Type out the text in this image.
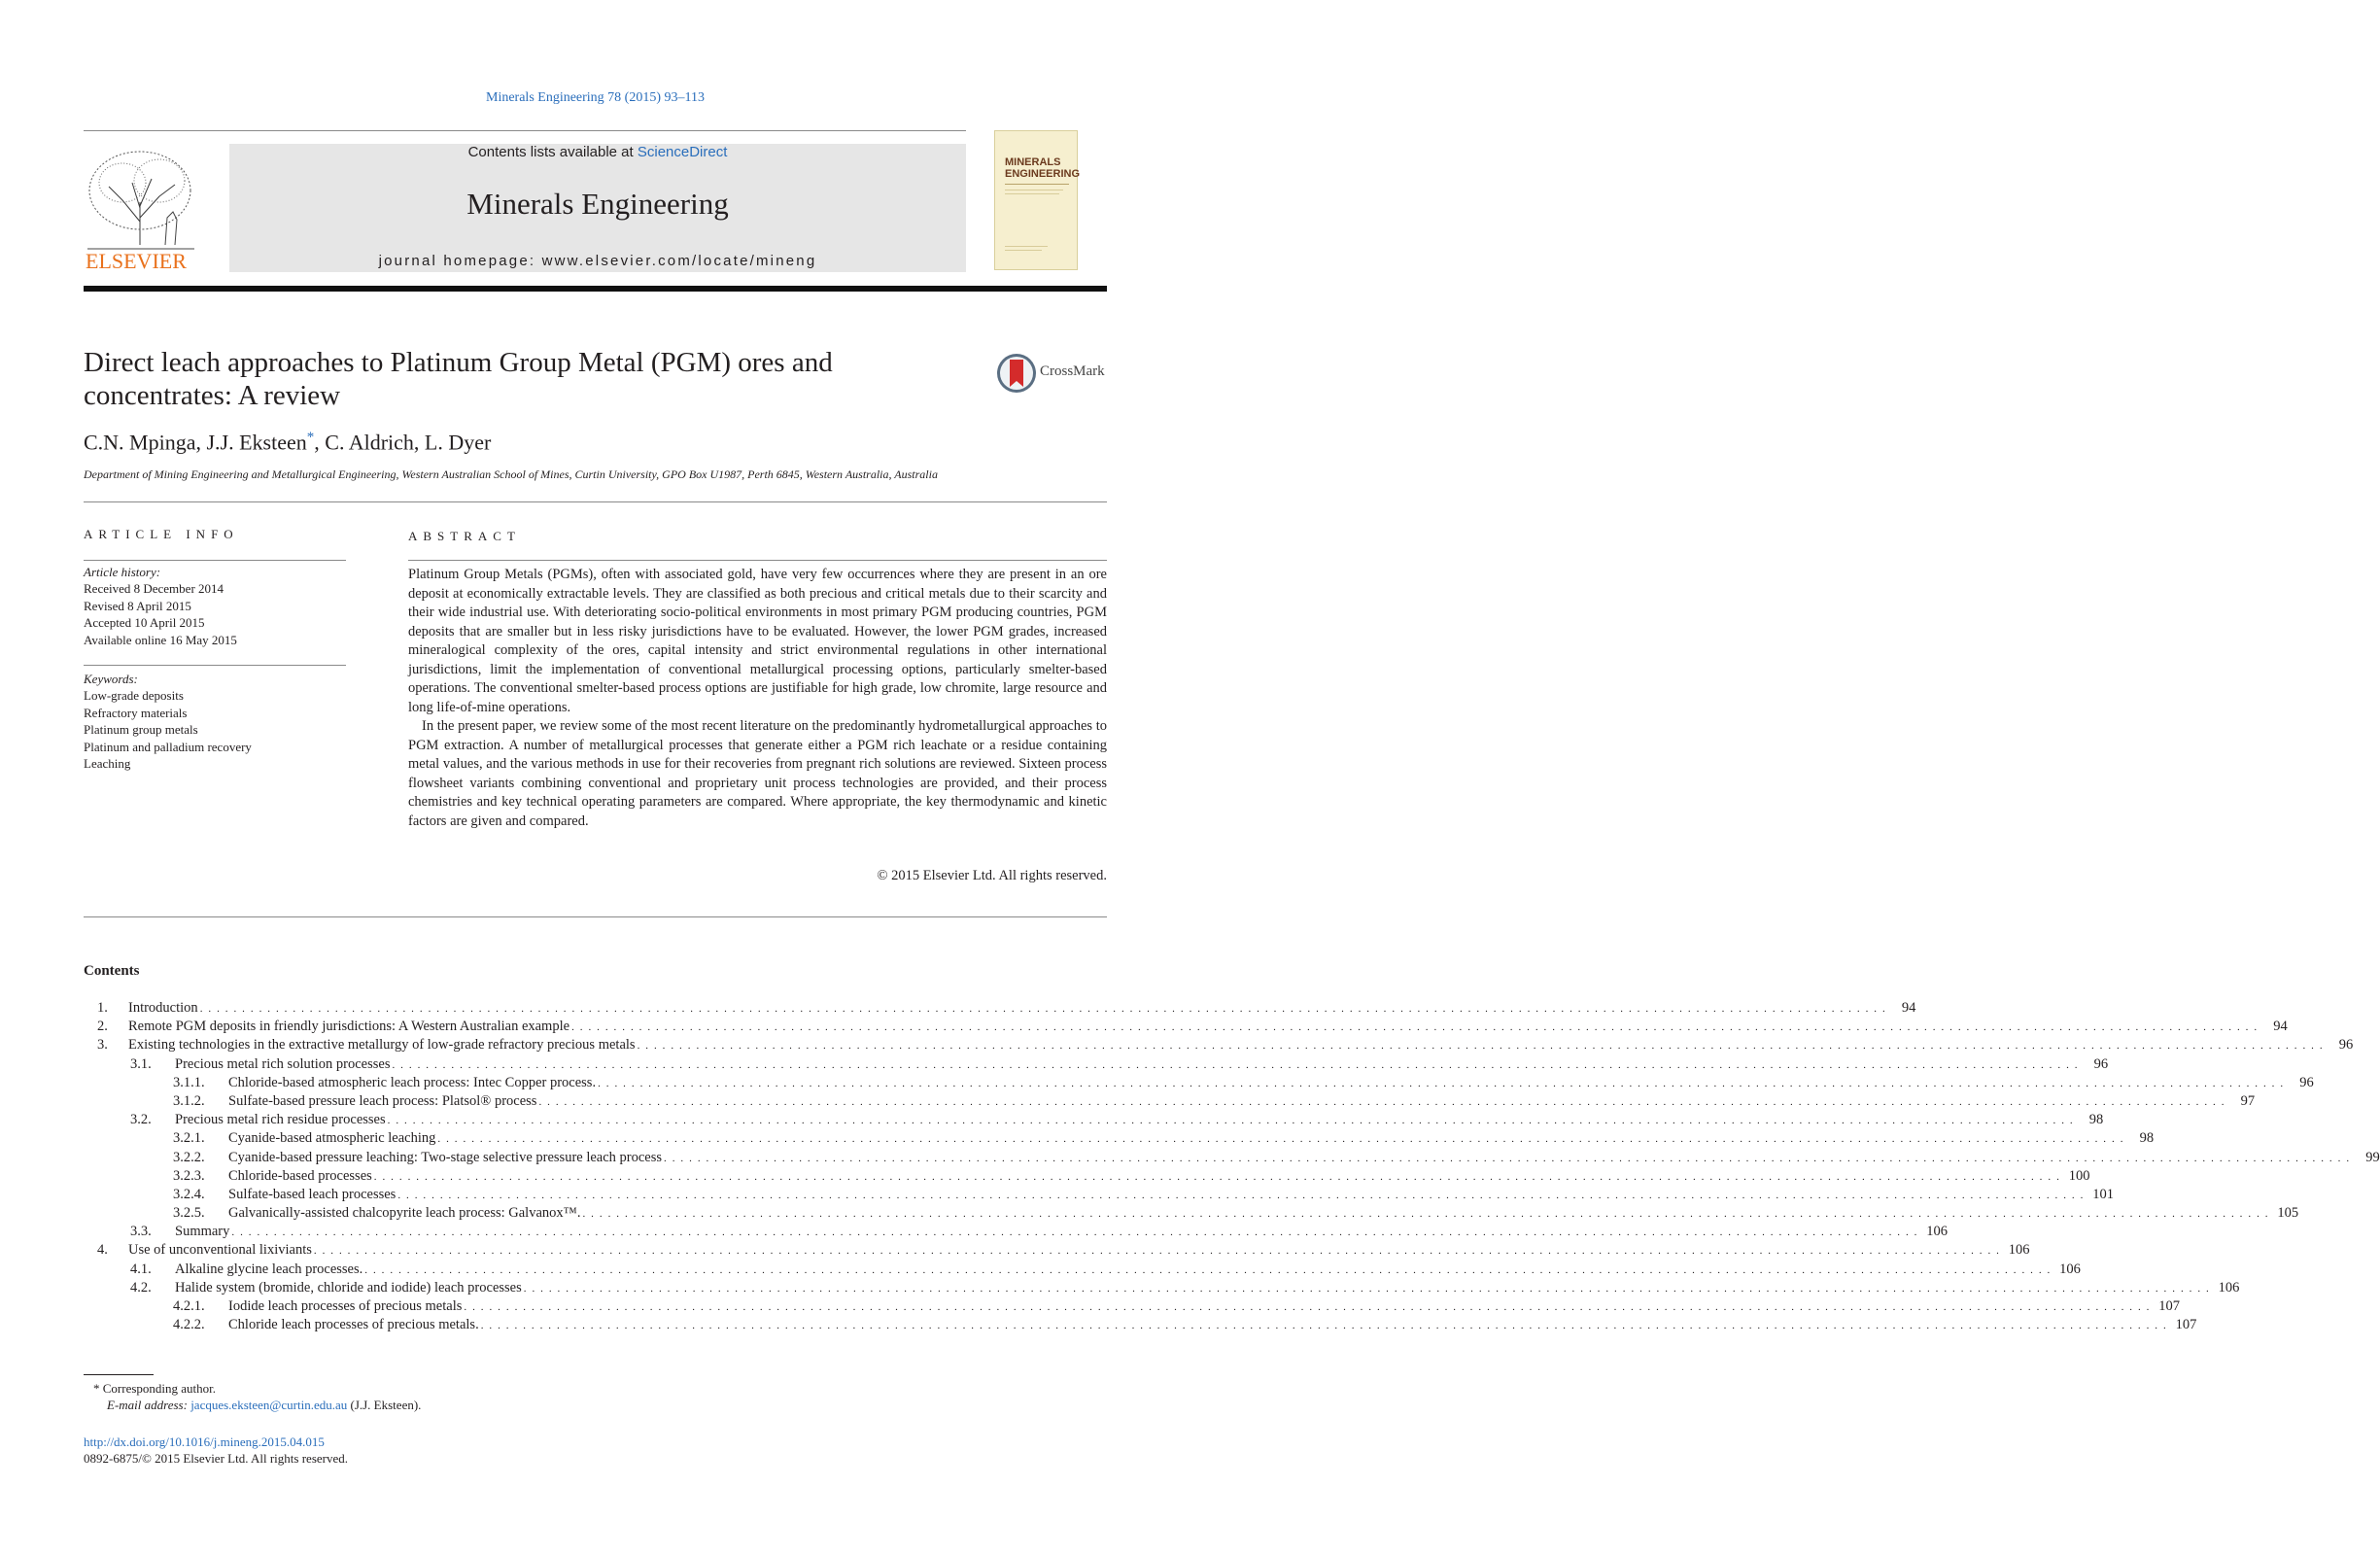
Minerals Engineering 78 (2015) 93–113
ELSEVIER
Contents lists available at ScienceDirect
Minerals Engineering
journal homepage: www.elsevier.com/locate/mineng
MINERALS ENGINEERING
Direct leach approaches to Platinum Group Metal (PGM) ores and concentrates: A review
CrossMark
C.N. Mpinga, J.J. Eksteen*, C. Aldrich, L. Dyer
Department of Mining Engineering and Metallurgical Engineering, Western Australian School of Mines, Curtin University, GPO Box U1987, Perth 6845, Western Australia, Australia
ARTICLE INFO
Article history:
Received 8 December 2014
Revised 8 April 2015
Accepted 10 April 2015
Available online 16 May 2015
Keywords:
Low-grade deposits
Refractory materials
Platinum group metals
Platinum and palladium recovery
Leaching
ABSTRACT

Platinum Group Metals (PGMs), often with associated gold, have very few occurrences where they are present in an ore deposit at economically extractable levels. They are classified as both precious and critical metals due to their scarcity and their wide industrial use. With deteriorating socio-political environments in most primary PGM producing countries, PGM deposits that are smaller but in less risky jurisdictions have to be evaluated. However, the lower PGM grades, increased mineralogical complexity of the ores, capital intensity and strict environmental regulations in other international jurisdictions, limit the implementation of conventional metallurgical processing options, particularly smelter-based operations. The conventional smelter-based process options are justifiable for high grade, low chromite, large resource and long life-of-mine operations.

In the present paper, we review some of the most recent literature on the predominantly hydrometallurgical approaches to PGM extraction. A number of metallurgical processes that generate either a PGM rich leachate or a residue containing metal values, and the various methods in use for their recoveries from pregnant rich solutions are reviewed. Sixteen process flowsheet variants combining conventional and proprietary unit process technologies are provided, and their process chemistries and key technical operating parameters are compared. Where appropriate, the key thermodynamic and kinetic factors are given and compared.

© 2015 Elsevier Ltd. All rights reserved.
Contents
1.	Introduction . . . . . . . . . . . . . . . . . . . . . . . . . . . . . . . . . . . . . . . . . . . . . . . . . . . . . . . . . . . . . . . . . . . . . . . . . . . . . . . . . . . . . . . . . . . . . . . . . . . . . . . . . . . . . . . . . . . . . . . . . . . . . . . . . . . . . . . . . . . . . . . . . . . . . . . . . . . . . . . . . . . . . . . . . . . . . . . . . . . . . . . . . . . . . . . . . . . . . . . .	94
2.	Remote PGM deposits in friendly jurisdictions: A Western Australian example . . . . . . . . . . . . . . . . . . . . . . . . . . . . . . . . . . . . . . . . . . . . . . . . . . . . . . . . . . . . . . . . . . . . . . . . . . . . . . . . . . . . . . . . . . . . . . . . . . . . . . . . . . . . . . . . . . . . . . . . . . . . . . . . . . . . . . . . . . . . . . . . . . . . . . . . . . . . . . . . . . . . . . . . . . . . . . . . . . . . . . . . . . . . . . . . . . . . . . . .	94
3.	Existing technologies in the extractive metallurgy of low-grade refractory precious metals . . . . . . . . . . . . . . . . . . . . . . . . . . . . . . . . . . . . . . . . . . . . . . . . . . . . . . . . . . . . . . . . . . . . . . . . . . . . . . . . . . . . . . . . . . . . . . . . . . . . . . . . . . . . . . . . . . . . . . . . . . . . . . . . . . . . . . . . . . . . . . . . . . . . . . . . . . . . . . . . . . . . . . . . . . . . . . . . . . . . . . . . . . . . . . . . . . . . . . . .	96
3.1.	Precious metal rich solution processes . . . . . . . . . . . . . . . . . . . . . . . . . . . . . . . . . . . . . . . . . . . . . . . . . . . . . . . . . . . . . . . . . . . . . . . . . . . . . . . . . . . . . . . . . . . . . . . . . . . . . . . . . . . . . . . . . . . . . . . . . . . . . . . . . . . . . . . . . . . . . . . . . . . . . . . . . . . . . . . . . . . . . . . . . . . . . . . . . . . . . . . . . . . . . . . . . . . . . . . .	96
3.1.1.	Chloride-based atmospheric leach process: Intec Copper process. . . . . . . . . . . . . . . . . . . . . . . . . . . . . . . . . . . . . . . . . . . . . . . . . . . . . . . . . . . . . . . . . . . . . . . . . . . . . . . . . . . . . . . . . . . . . . . . . . . . . . . . . . . . . . . . . . . . . . . . . . . . . . . . . . . . . . . . . . . . . . . . . . . . . . . . . . . . . . . . . . . . . . . . . . . . . . . . . . . . . . . . . . . . . . . . . . . . . . . . .	96
3.1.2.	Sulfate-based pressure leach process: Platsol® process . . . . . . . . . . . . . . . . . . . . . . . . . . . . . . . . . . . . . . . . . . . . . . . . . . . . . . . . . . . . . . . . . . . . . . . . . . . . . . . . . . . . . . . . . . . . . . . . . . . . . . . . . . . . . . . . . . . . . . . . . . . . . . . . . . . . . . . . . . . . . . . . . . . . . . . . . . . . . . . . . . . . . . . . . . . . . . . . . . . . . . . . . . . . . . . . . . . . . . . .	97
3.2.	Precious metal rich residue processes . . . . . . . . . . . . . . . . . . . . . . . . . . . . . . . . . . . . . . . . . . . . . . . . . . . . . . . . . . . . . . . . . . . . . . . . . . . . . . . . . . . . . . . . . . . . . . . . . . . . . . . . . . . . . . . . . . . . . . . . . . . . . . . . . . . . . . . . . . . . . . . . . . . . . . . . . . . . . . . . . . . . . . . . . . . . . . . . . . . . . . . . . . . . . . . . . . . . . . . .	98
3.2.1.	Cyanide-based atmospheric leaching . . . . . . . . . . . . . . . . . . . . . . . . . . . . . . . . . . . . . . . . . . . . . . . . . . . . . . . . . . . . . . . . . . . . . . . . . . . . . . . . . . . . . . . . . . . . . . . . . . . . . . . . . . . . . . . . . . . . . . . . . . . . . . . . . . . . . . . . . . . . . . . . . . . . . . . . . . . . . . . . . . . . . . . . . . . . . . . . . . . . . . . . . . . . . . . . . . . . . . . .	98
3.2.2.	Cyanide-based pressure leaching: Two-stage selective pressure leach process . . . . . . . . . . . . . . . . . . . . . . . . . . . . . . . . . . . . . . . . . . . . . . . . . . . . . . . . . . . . . . . . . . . . . . . . . . . . . . . . . . . . . . . . . . . . . . . . . . . . . . . . . . . . . . . . . . . . . . . . . . . . . . . . . . . . . . . . . . . . . . . . . . . . . . . . . . . . . . . . . . . . . . . . . . . . . . . . . . . . . . . . . . . . . . . . . . . . . . . .	99
3.2.3.	Chloride-based processes . . . . . . . . . . . . . . . . . . . . . . . . . . . . . . . . . . . . . . . . . . . . . . . . . . . . . . . . . . . . . . . . . . . . . . . . . . . . . . . . . . . . . . . . . . . . . . . . . . . . . . . . . . . . . . . . . . . . . . . . . . . . . . . . . . . . . . . . . . . . . . . . . . . . . . . . . . . . . . . . . . . . . . . . . . . . . . . . . . . . . . . . . . . . . . . . . . . . . . . . 100
3.2.4.	Sulfate-based leach processes . . . . . . . . . . . . . . . . . . . . . . . . . . . . . . . . . . . . . . . . . . . . . . . . . . . . . . . . . . . . . . . . . . . . . . . . . . . . . . . . . . . . . . . . . . . . . . . . . . . . . . . . . . . . . . . . . . . . . . . . . . . . . . . . . . . . . . . . . . . . . . . . . . . . . . . . . . . . . . . . . . . . . . . . . . . . . . . . . . . . . . . . . . . . . . . . . . . . . . . . 101
3.2.5.	Galvanically-assisted chalcopyrite leach process: Galvanox™. . . . . . . . . . . . . . . . . . . . . . . . . . . . . . . . . . . . . . . . . . . . . . . . . . . . . . . . . . . . . . . . . . . . . . . . . . . . . . . . . . . . . . . . . . . . . . . . . . . . . . . . . . . . . . . . . . . . . . . . . . . . . . . . . . . . . . . . . . . . . . . . . . . . . . . . . . . . . . . . . . . . . . . . . . . . . . . . . . . . . . . . . . . . . . . . . . . . . . . . . 105
3.3.	Summary . . . . . . . . . . . . . . . . . . . . . . . . . . . . . . . . . . . . . . . . . . . . . . . . . . . . . . . . . . . . . . . . . . . . . . . . . . . . . . . . . . . . . . . . . . . . . . . . . . . . . . . . . . . . . . . . . . . . . . . . . . . . . . . . . . . . . . . . . . . . . . . . . . . . . . . . . . . . . . . . . . . . . . . . . . . . . . . . . . . . . . . . . . . . . . . . . . . . . . . . 106
4.	Use of unconventional lixiviants . . . . . . . . . . . . . . . . . . . . . . . . . . . . . . . . . . . . . . . . . . . . . . . . . . . . . . . . . . . . . . . . . . . . . . . . . . . . . . . . . . . . . . . . . . . . . . . . . . . . . . . . . . . . . . . . . . . . . . . . . . . . . . . . . . . . . . . . . . . . . . . . . . . . . . . . . . . . . . . . . . . . . . . . . . . . . . . . . . . . . . . . . . . . . . . . . . . . . . . . 106
4.1.	Alkaline glycine leach processes. . . . . . . . . . . . . . . . . . . . . . . . . . . . . . . . . . . . . . . . . . . . . . . . . . . . . . . . . . . . . . . . . . . . . . . . . . . . . . . . . . . . . . . . . . . . . . . . . . . . . . . . . . . . . . . . . . . . . . . . . . . . . . . . . . . . . . . . . . . . . . . . . . . . . . . . . . . . . . . . . . . . . . . . . . . . . . . . . . . . . . . . . . . . . . . . . . . . . . . . . 106
4.2.	Halide system (bromide, chloride and iodide) leach processes . . . . . . . . . . . . . . . . . . . . . . . . . . . . . . . . . . . . . . . . . . . . . . . . . . . . . . . . . . . . . . . . . . . . . . . . . . . . . . . . . . . . . . . . . . . . . . . . . . . . . . . . . . . . . . . . . . . . . . . . . . . . . . . . . . . . . . . . . . . . . . . . . . . . . . . . . . . . . . . . . . . . . . . . . . . . . . . . . . . . . . . . . . . . . . . . . . . . . . . . 106
4.2.1.	Iodide leach processes of precious metals . . . . . . . . . . . . . . . . . . . . . . . . . . . . . . . . . . . . . . . . . . . . . . . . . . . . . . . . . . . . . . . . . . . . . . . . . . . . . . . . . . . . . . . . . . . . . . . . . . . . . . . . . . . . . . . . . . . . . . . . . . . . . . . . . . . . . . . . . . . . . . . . . . . . . . . . . . . . . . . . . . . . . . . . . . . . . . . . . . . . . . . . . . . . . . . . . . . . . . . . 107
4.2.2.	Chloride leach processes of precious metals. . . . . . . . . . . . . . . . . . . . . . . . . . . . . . . . . . . . . . . . . . . . . . . . . . . . . . . . . . . . . . . . . . . . . . . . . . . . . . . . . . . . . . . . . . . . . . . . . . . . . . . . . . . . . . . . . . . . . . . . . . . . . . . . . . . . . . . . . . . . . . . . . . . . . . . . . . . . . . . . . . . . . . . . . . . . . . . . . . . . . . . . . . . . . . . . . . . . . . . . . 107
* Corresponding author.
E-mail address: jacques.eksteen@curtin.edu.au (J.J. Eksteen).
http://dx.doi.org/10.1016/j.mineng.2015.04.015
0892-6875/© 2015 Elsevier Ltd. All rights reserved.
